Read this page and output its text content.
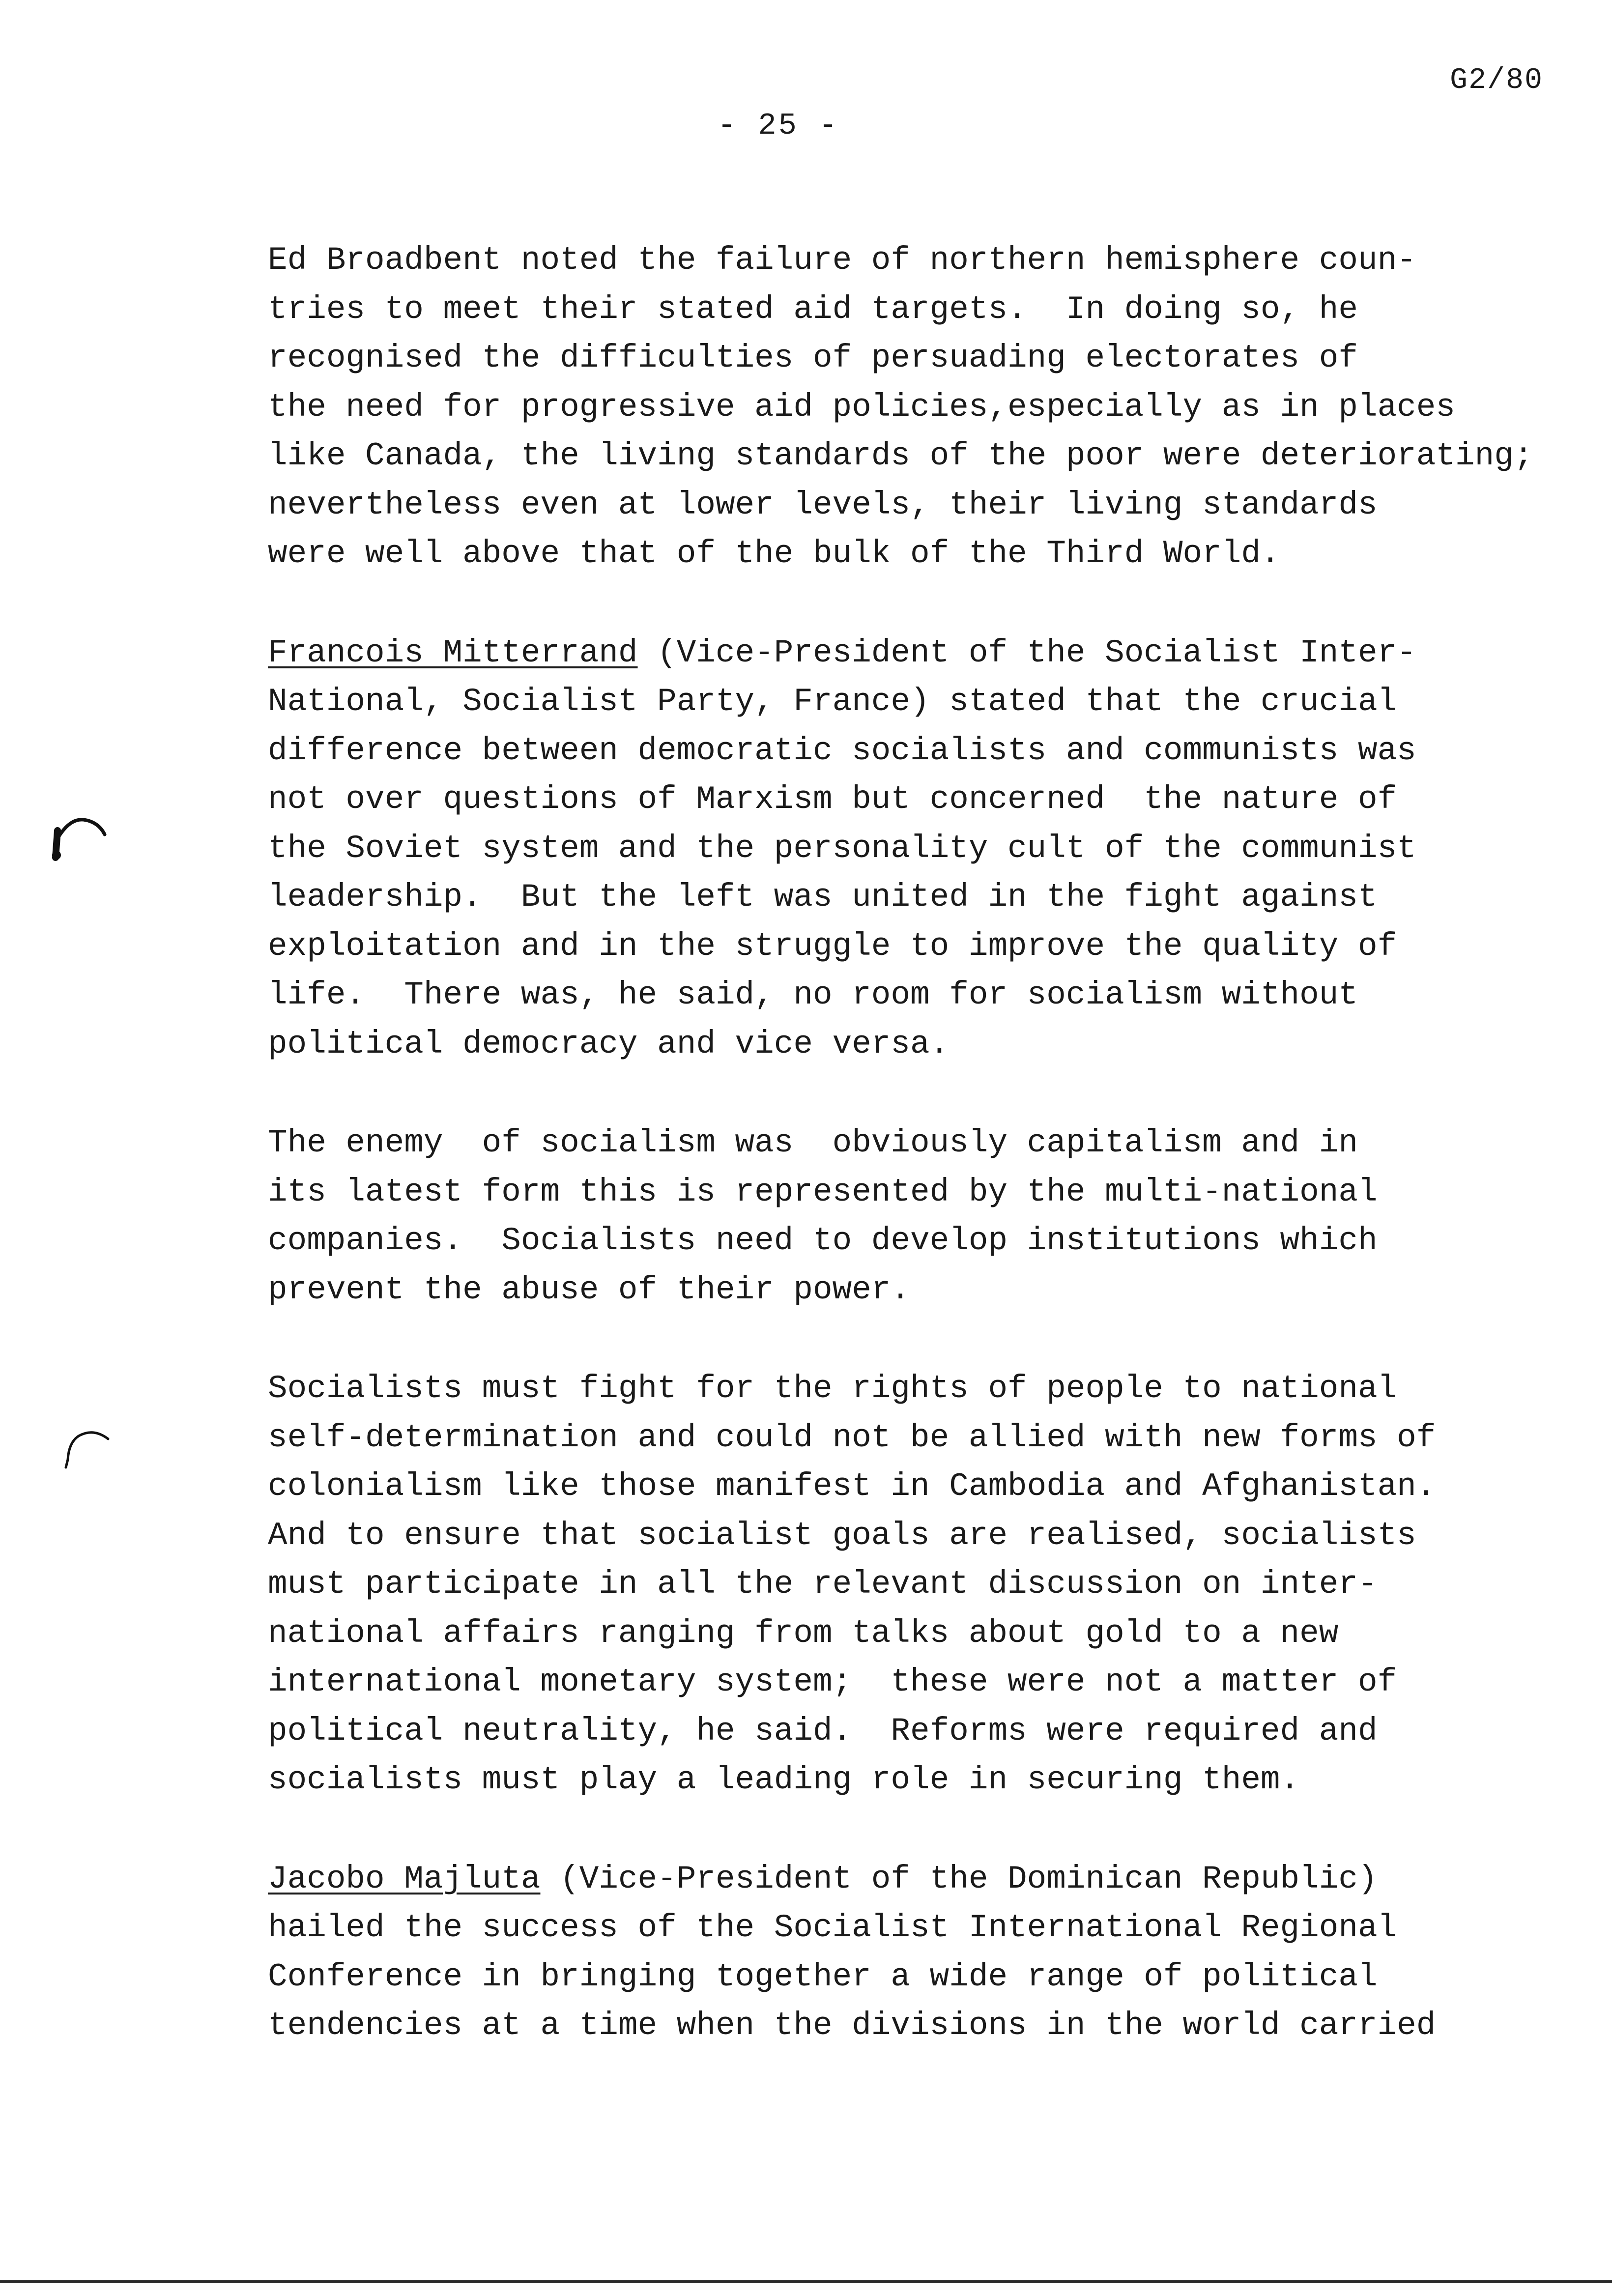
G2/80
- 25 -
Ed Broadbent noted the failure of northern hemisphere coun-
tries to meet their stated aid targets.  In doing so, he
recognised the difficulties of persuading electorates of
the need for progressive aid policies,especially as in places
like Canada, the living standards of the poor were deteriorating;
nevertheless even at lower levels, their living standards
were well above that of the bulk of the Third World.
Francois Mitterrand (Vice-President of the Socialist Inter-
National, Socialist Party, France) stated that the crucial
difference between democratic socialists and communists was
not over questions of Marxism but concerned  the nature of
the Soviet system and the personality cult of the communist
leadership.  But the left was united in the fight against
exploitation and in the struggle to improve the quality of
life.  There was, he said, no room for socialism without
political democracy and vice versa.
The enemy  of socialism was  obviously capitalism and in
its latest form this is represented by the multi-national
companies.  Socialists need to develop institutions which
prevent the abuse of their power.
Socialists must fight for the rights of people to national
self-determination and could not be allied with new forms of
colonialism like those manifest in Cambodia and Afghanistan.
And to ensure that socialist goals are realised, socialists
must participate in all the relevant discussion on inter-
national affairs ranging from talks about gold to a new
international monetary system;  these were not a matter of
political neutrality, he said.  Reforms were required and
socialists must play a leading role in securing them.
Jacobo Majluta (Vice-President of the Dominican Republic)
hailed the success of the Socialist International Regional
Conference in bringing together a wide range of political
tendencies at a time when the divisions in the world carried
